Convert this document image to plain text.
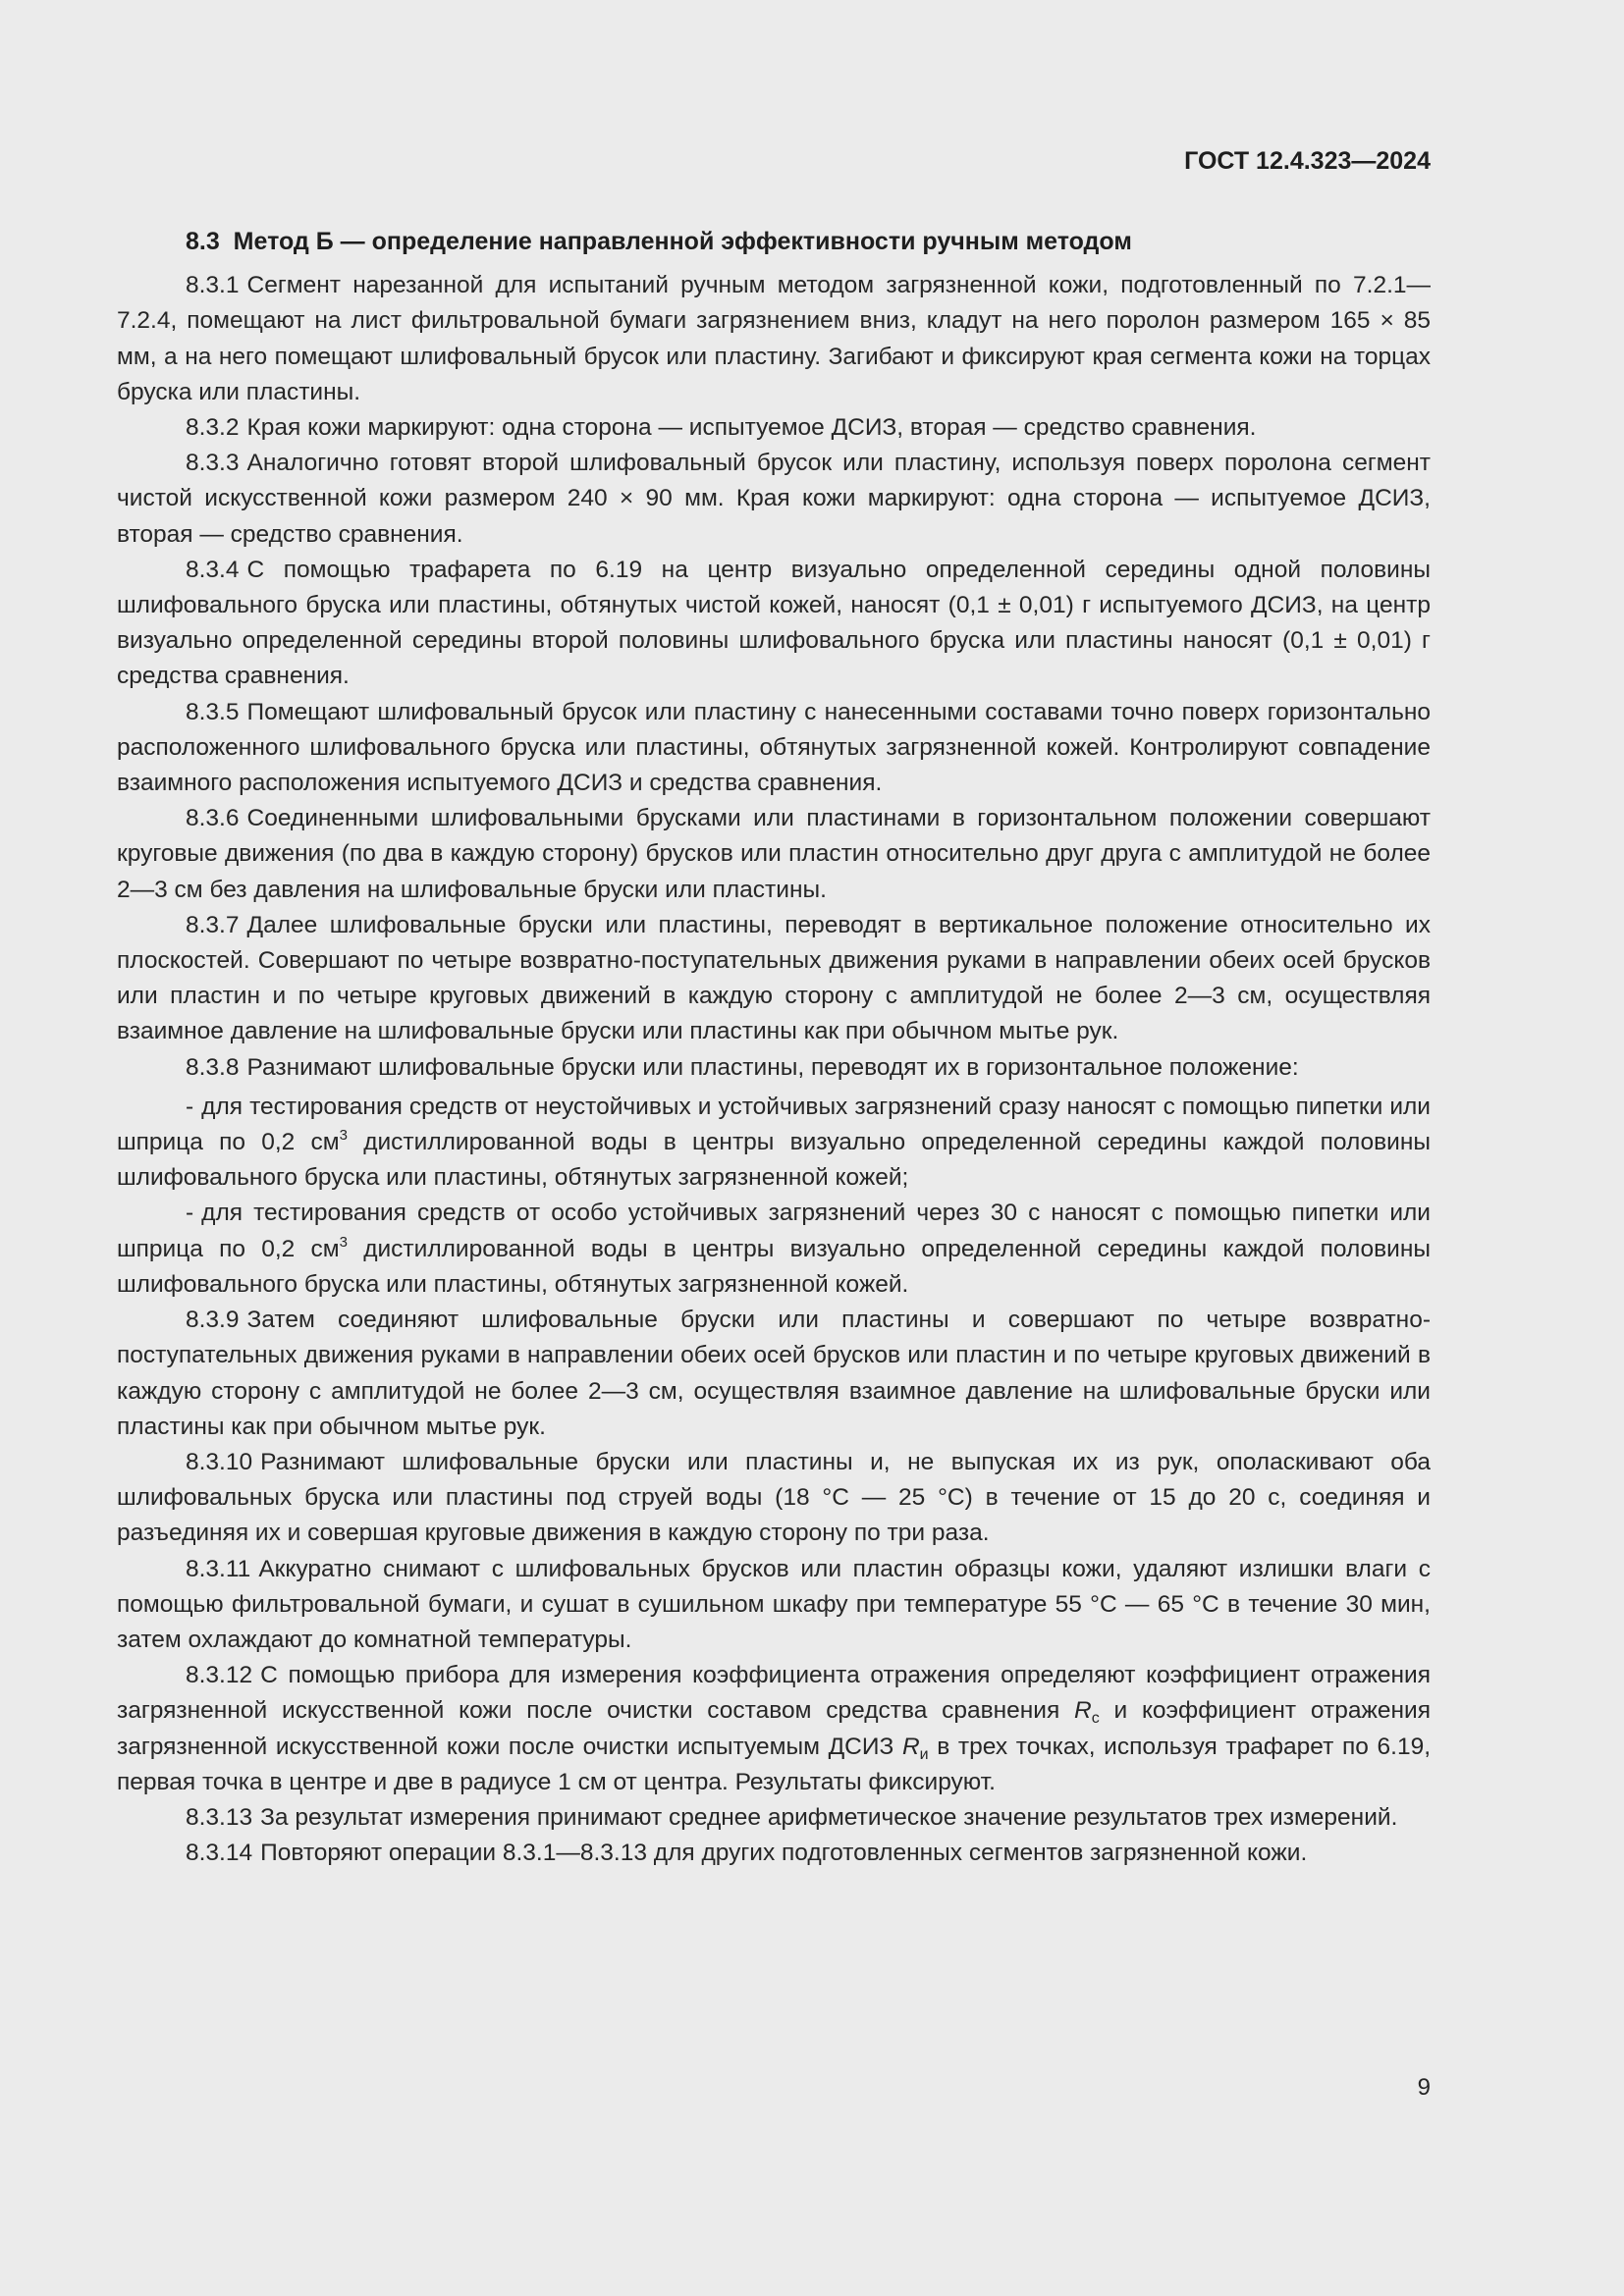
ГОСТ 12.4.323—2024

8.3 Метод Б — определение направленной эффективности ручным методом

8.3.1 Сегмент нарезанной для испытаний ручным методом загрязненной кожи, подготовленный по 7.2.1—7.2.4, помещают на лист фильтровальной бумаги загрязнением вниз, кладут на него поролон размером 165 × 85 мм, а на него помещают шлифовальный брусок или пластину. Загибают и фиксируют края сегмента кожи на торцах бруска или пластины.

8.3.2 Края кожи маркируют: одна сторона — испытуемое ДСИЗ, вторая — средство сравнения.

8.3.3 Аналогично готовят второй шлифовальный брусок или пластину, используя поверх поролона сегмент чистой искусственной кожи размером 240 × 90 мм. Края кожи маркируют: одна сторона — испытуемое ДСИЗ, вторая — средство сравнения.

8.3.4 С помощью трафарета по 6.19 на центр визуально определенной середины одной половины шлифовального бруска или пластины, обтянутых чистой кожей, наносят (0,1 ± 0,01) г испытуемого ДСИЗ, на центр визуально определенной середины второй половины шлифовального бруска или пластины наносят (0,1 ± 0,01) г средства сравнения.

8.3.5 Помещают шлифовальный брусок или пластину с нанесенными составами точно поверх горизонтально расположенного шлифовального бруска или пластины, обтянутых загрязненной кожей. Контролируют совпадение взаимного расположения испытуемого ДСИЗ и средства сравнения.

8.3.6 Соединенными шлифовальными брусками или пластинами в горизонтальном положении совершают круговые движения (по два в каждую сторону) брусков или пластин относительно друг друга с амплитудой не более 2—3 см без давления на шлифовальные бруски или пластины.

8.3.7 Далее шлифовальные бруски или пластины, переводят в вертикальное положение относительно их плоскостей. Совершают по четыре возвратно-поступательных движения руками в направлении обеих осей брусков или пластин и по четыре круговых движений в каждую сторону с амплитудой не более 2—3 см, осуществляя взаимное давление на шлифовальные бруски или пластины как при обычном мытье рук.

8.3.8 Разнимают шлифовальные бруски или пластины, переводят их в горизонтальное положение:

- для тестирования средств от неустойчивых и устойчивых загрязнений сразу наносят с помощью пипетки или шприца по 0,2 $см^3$ дистиллированной воды в центры визуально определенной середины каждой половины шлифовального бруска или пластины, обтянутых загрязненной кожей;

- для тестирования средств от особо устойчивых загрязнений через 30 с наносят с помощью пипетки или шприца по 0,2 $см^3$ дистиллированной воды в центры визуально определенной середины каждой половины шлифовального бруска или пластины, обтянутых загрязненной кожей.

8.3.9 Затем соединяют шлифовальные бруски или пластины и совершают по четыре возвратно-поступательных движения руками в направлении обеих осей брусков или пластин и по четыре круговых движений в каждую сторону с амплитудой не более 2—3 см, осуществляя взаимное давление на шлифовальные бруски или пластины как при обычном мытье рук.

8.3.10 Разнимают шлифовальные бруски или пластины и, не выпуская их из рук, ополаскивают оба шлифовальных бруска или пластины под струей воды (18 °C — 25 °C) в течение от 15 до 20 с, соединяя и разъединяя их и совершая круговые движения в каждую сторону по три раза.

8.3.11 Аккуратно снимают с шлифовальных брусков или пластин образцы кожи, удаляют излишки влаги с помощью фильтровальной бумаги, и сушат в сушильном шкафу при температуре 55 °C — 65 °C в течение 30 мин, затем охлаждают до комнатной температуры.

8.3.12 С помощью прибора для измерения коэффициента отражения определяют коэффициент отражения загрязненной искусственной кожи после очистки составом средства сравнения $R_с$ и коэффициент отражения загрязненной искусственной кожи после очистки испытуемым ДСИЗ $R_и$ в трех точках, используя трафарет по 6.19, первая точка в центре и две в радиусе 1 см от центра. Результаты фиксируют.

8.3.13 За результат измерения принимают среднее арифметическое значение результатов трех измерений.

8.3.14 Повторяют операции 8.3.1—8.3.13 для других подготовленных сегментов загрязненной кожи.

9
